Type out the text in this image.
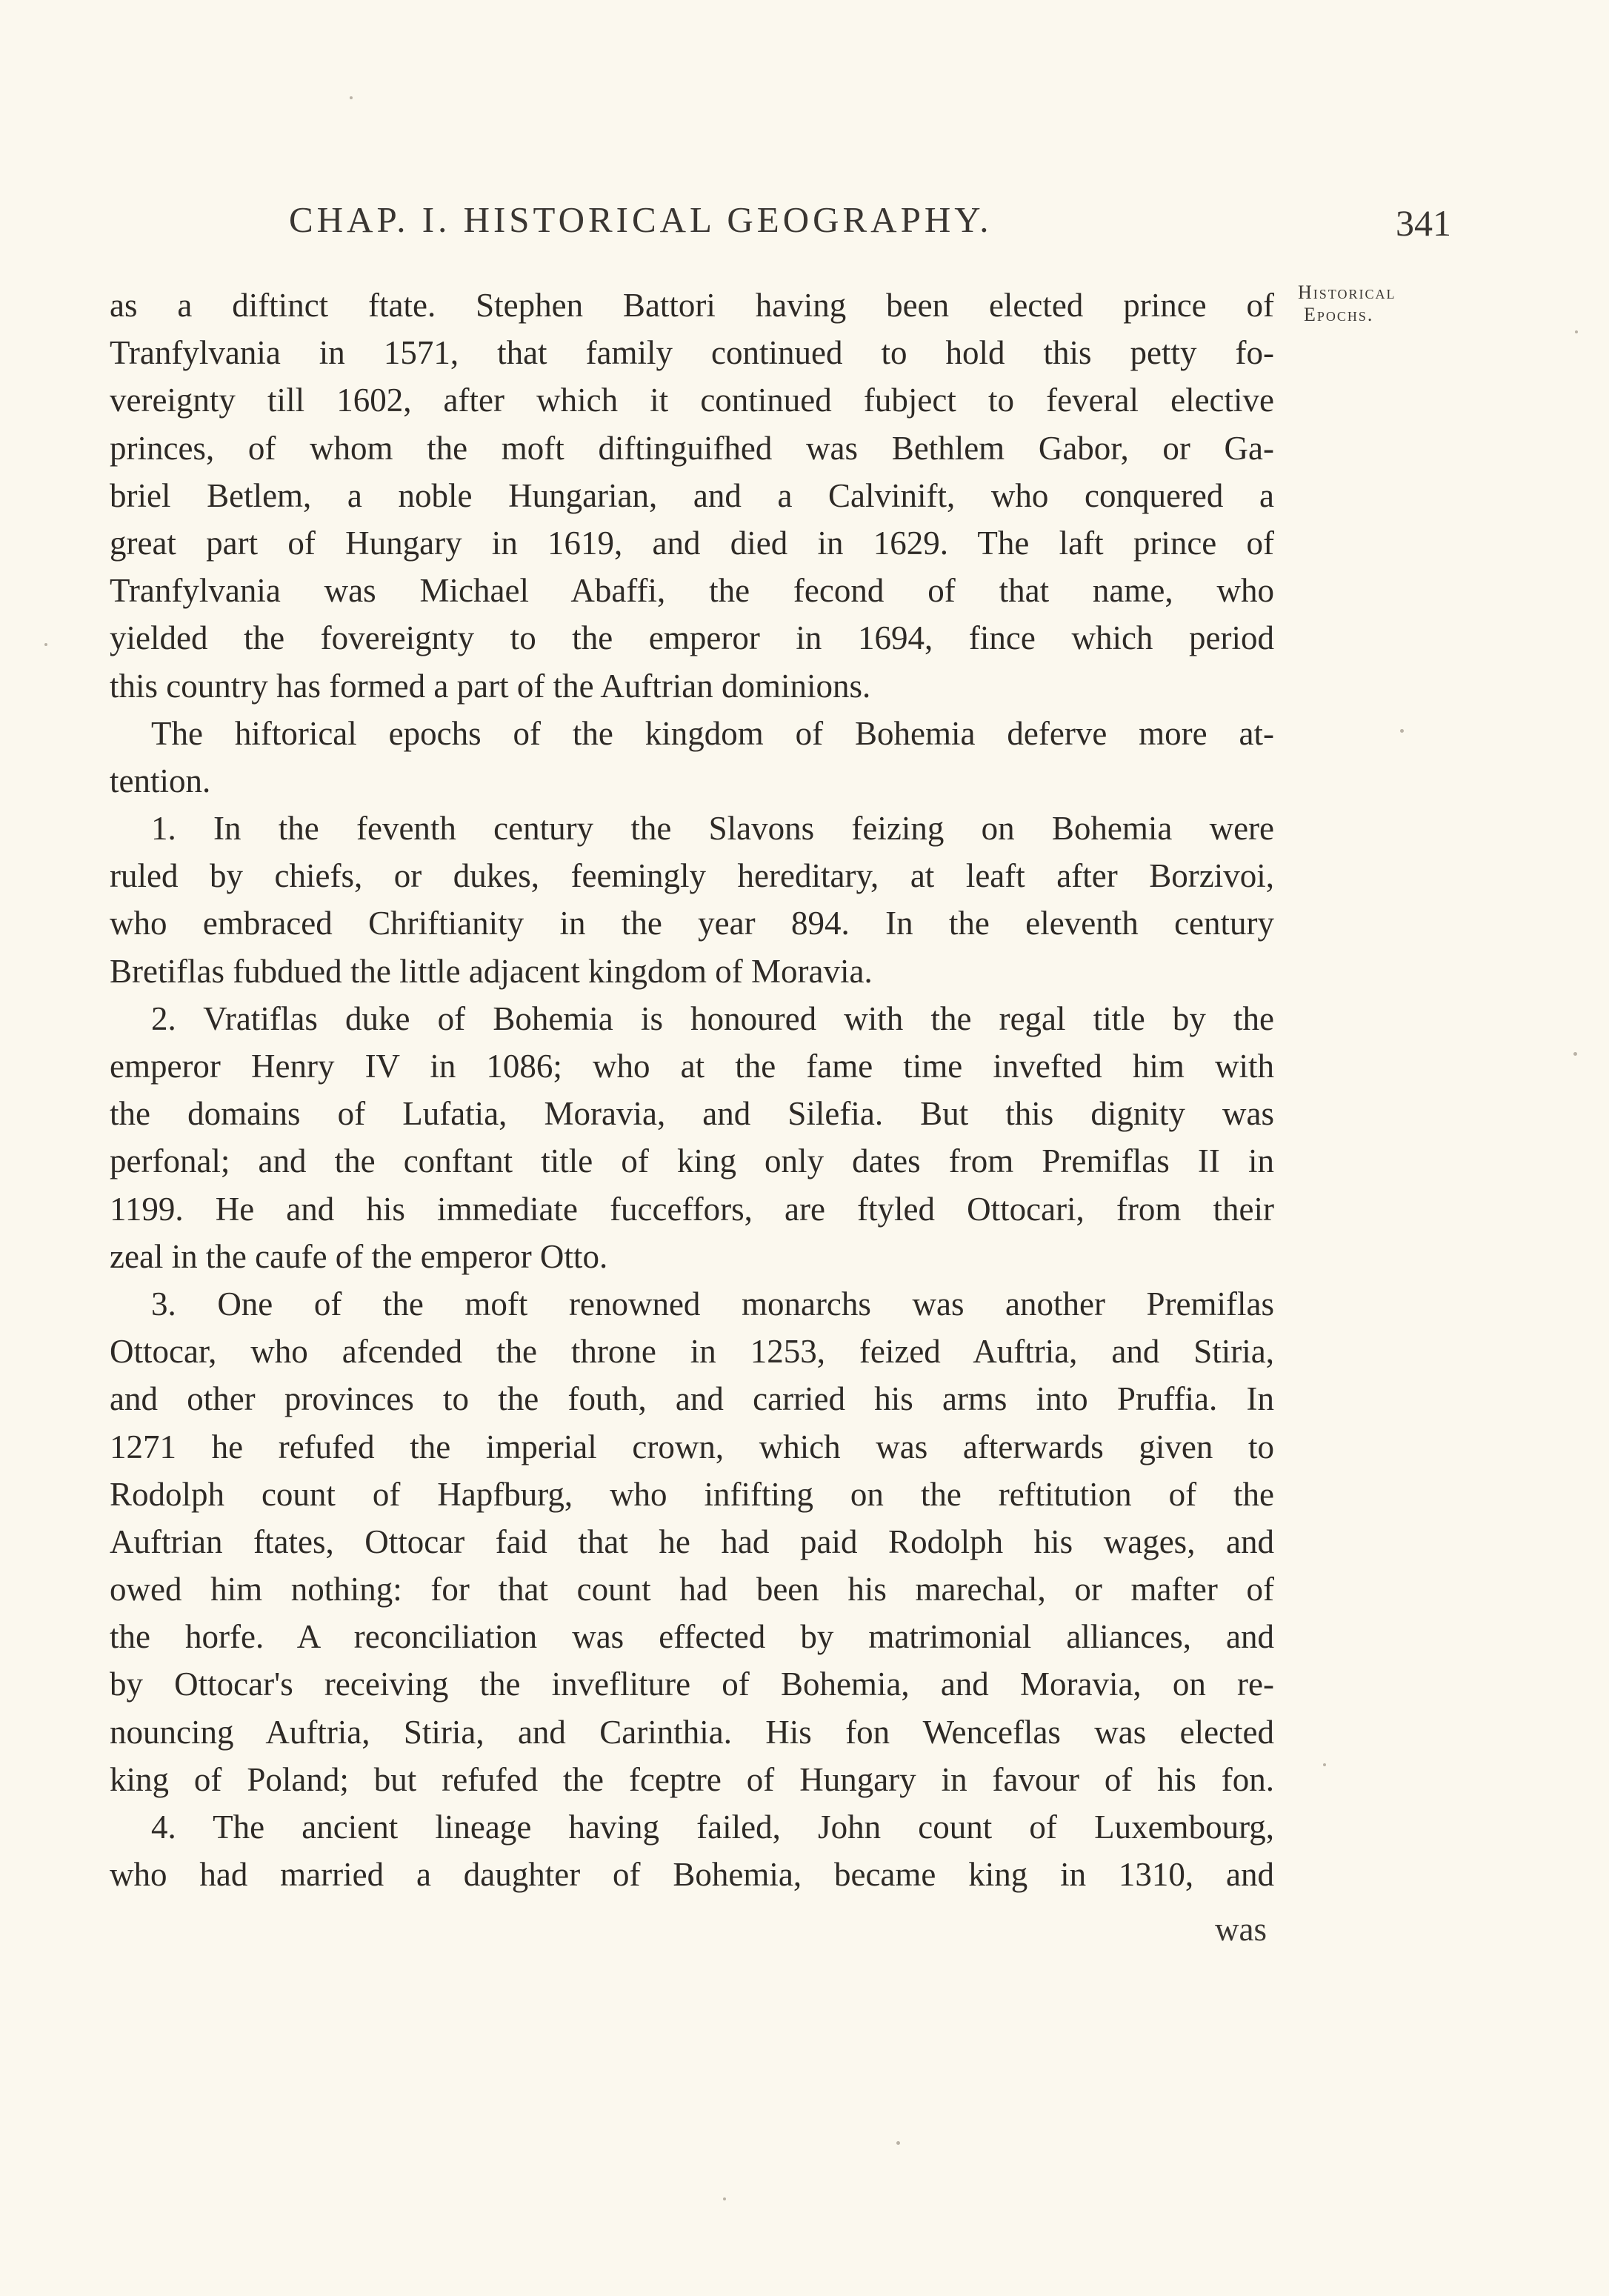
CHAP. I. HISTORICAL GEOGRAPHY.	341
Historical
Epochs.
as a diftinct ftate. Stephen Battori having been elected prince of
Tranfylvania in 1571, that family continued to hold this petty fo-
vereignty till 1602, after which it continued fubject to feveral elective
princes, of whom the moft diftinguifhed was Bethlem Gabor, or Ga-
briel Betlem, a noble Hungarian, and a Calvinift, who conquered a
great part of Hungary in 1619, and died in 1629. The laft prince of
Tranfylvania was Michael Abaffi, the fecond of that name, who
yielded the fovereignty to the emperor in 1694, fince which period
this country has formed a part of the Auftrian dominions.
The hiftorical epochs of the kingdom of Bohemia deferve more at-
tention.
1. In the feventh century the Slavons feizing on Bohemia were
ruled by chiefs, or dukes, feemingly hereditary, at leaft after Borzivoi,
who embraced Chriftianity in the year 894. In the eleventh century
Bretiflas fubdued the little adjacent kingdom of Moravia.
2. Vratiflas duke of Bohemia is honoured with the regal title by the
emperor Henry IV in 1086; who at the fame time invefted him with
the domains of Lufatia, Moravia, and Silefia. But this dignity was
perfonal; and the conftant title of king only dates from Premiflas II in
1199. He and his immediate fucceffors, are ftyled Ottocari, from their
zeal in the caufe of the emperor Otto.
3. One of the moft renowned monarchs was another Premiflas
Ottocar, who afcended the throne in 1253, feized Auftria, and Stiria,
and other provinces to the fouth, and carried his arms into Pruffia. In
1271 he refufed the imperial crown, which was afterwards given to
Rodolph count of Hapfburg, who infifting on the reftitution of the
Auftrian ftates, Ottocar faid that he had paid Rodolph his wages, and
owed him nothing: for that count had been his marechal, or mafter of
the horfe. A reconciliation was effected by matrimonial alliances, and
by Ottocar's receiving the invefliture of Bohemia, and Moravia, on re-
nouncing Auftria, Stiria, and Carinthia. His fon Wenceflas was elected
king of Poland; but refufed the fceptre of Hungary in favour of his fon.
4. The ancient lineage having failed, John count of Luxembourg,
who had married a daughter of Bohemia, became king in 1310, and
was
